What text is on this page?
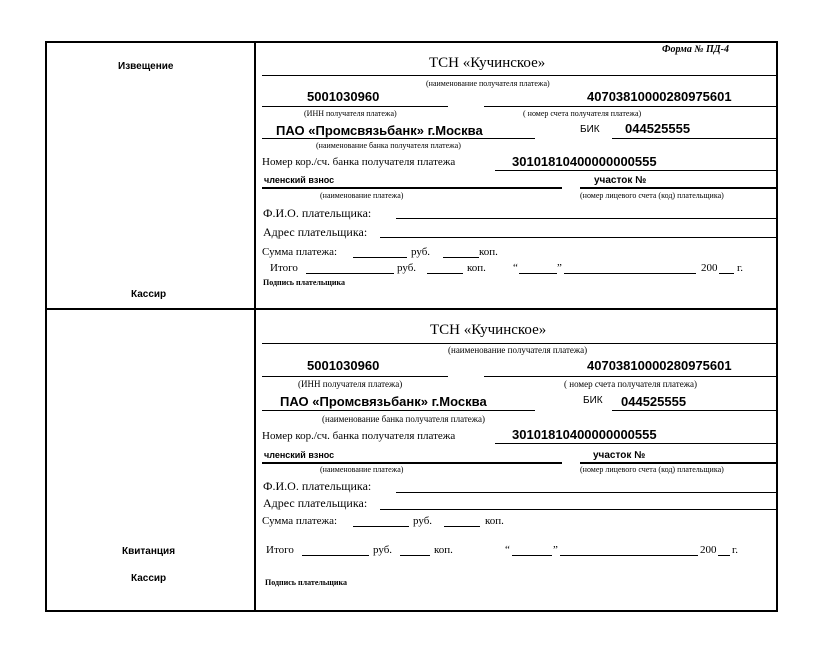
Извещение
Кассир
Форма № ПД-4
ТСН «Кучинское»
(наименование получателя платежа)
5001030960	40703810000280975601
(ИНН получателя платежа)	( номер счета получателя платежа)
ПАО «Промсвязьбанк» г.Москва	БИК 044525555
(наименование банка получателя платежа)
Номер кор./сч. банка получателя платежа	30101810400000000555
членский взнос	участок №
(наименование платежа)	(номер лицевого счета (код) плательщика)
Ф.И.О. плательщика:
Адрес плательщика:
Сумма платежа:	руб.	коп.
Итого	руб.	коп. “	”	200 г.
Подпись плательщика
Квитанция
Кассир
ТСН «Кучинское»
(наименование получателя платежа)
5001030960	40703810000280975601
(ИНН получателя платежа)	( номер счета получателя платежа)
ПАО «Промсвязьбанк» г.Москва	БИК 044525555
(наименование банка получателя платежа)
Номер кор./сч. банка получателя платежа	30101810400000000555
членский взнос	участок №
(наименование платежа)	(номер лицевого счета (код) плательщика)
Ф.И.О. плательщика:
Адрес плательщика:
Сумма платежа:	руб.	коп.
Итого	руб.	коп.	“	”	200 г.
Подпись плательщика
